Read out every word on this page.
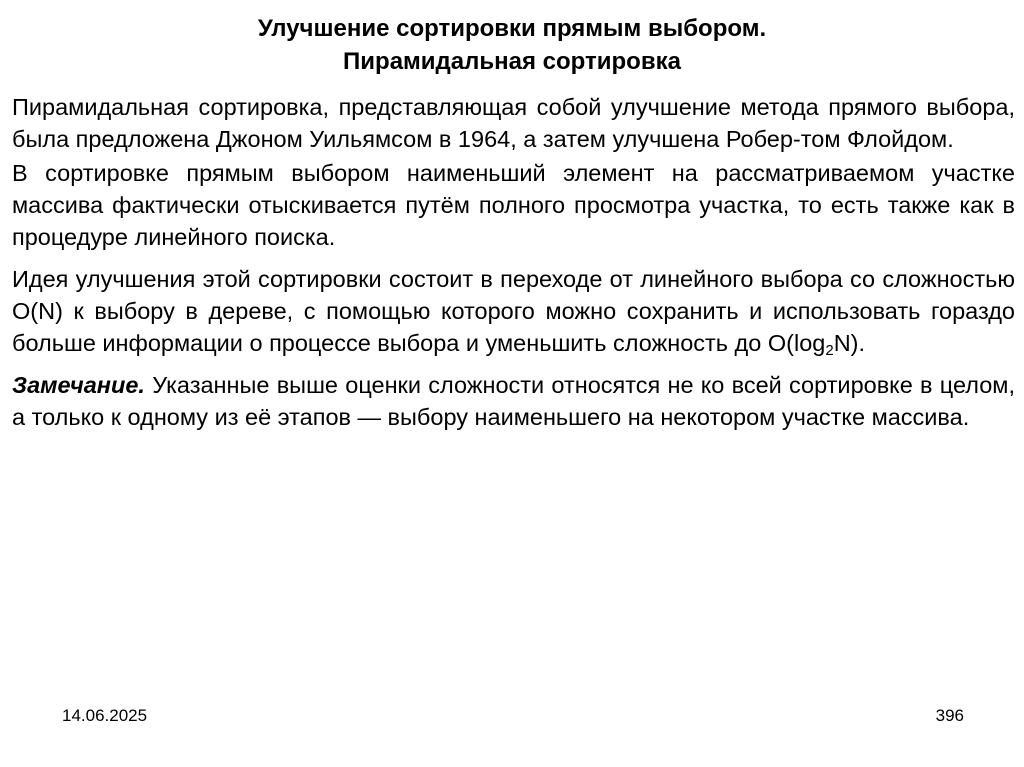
Улучшение сортировки прямым выбором.
Пирамидальная сортировка

Пирамидальная сортировка, представляющая собой улучшение метода прямого выбора, была предложена Джоном Уильямсом в 1964, а затем улучшена Робер-том Флойдом.

В сортировке прямым выбором наименьший элемент на рассматриваемом участке массива фактически отыскивается путём полного просмотра участка, то есть также как в процедуре линейного поиска.

Идея улучшения этой сортировки состоит в переходе от линейного выбора со сложностью O(N) к выбору в дереве, с помощью которого можно сохранить и использовать гораздо больше информации о процессе выбора и уменьшить сложность до $O(\log_2N)$.

Замечание. Указанные выше оценки сложности относятся не ко всей сортировке в целом, а только к одному из её этапов — выбору наименьшего на некотором участке массива.

14.06.2025	396
